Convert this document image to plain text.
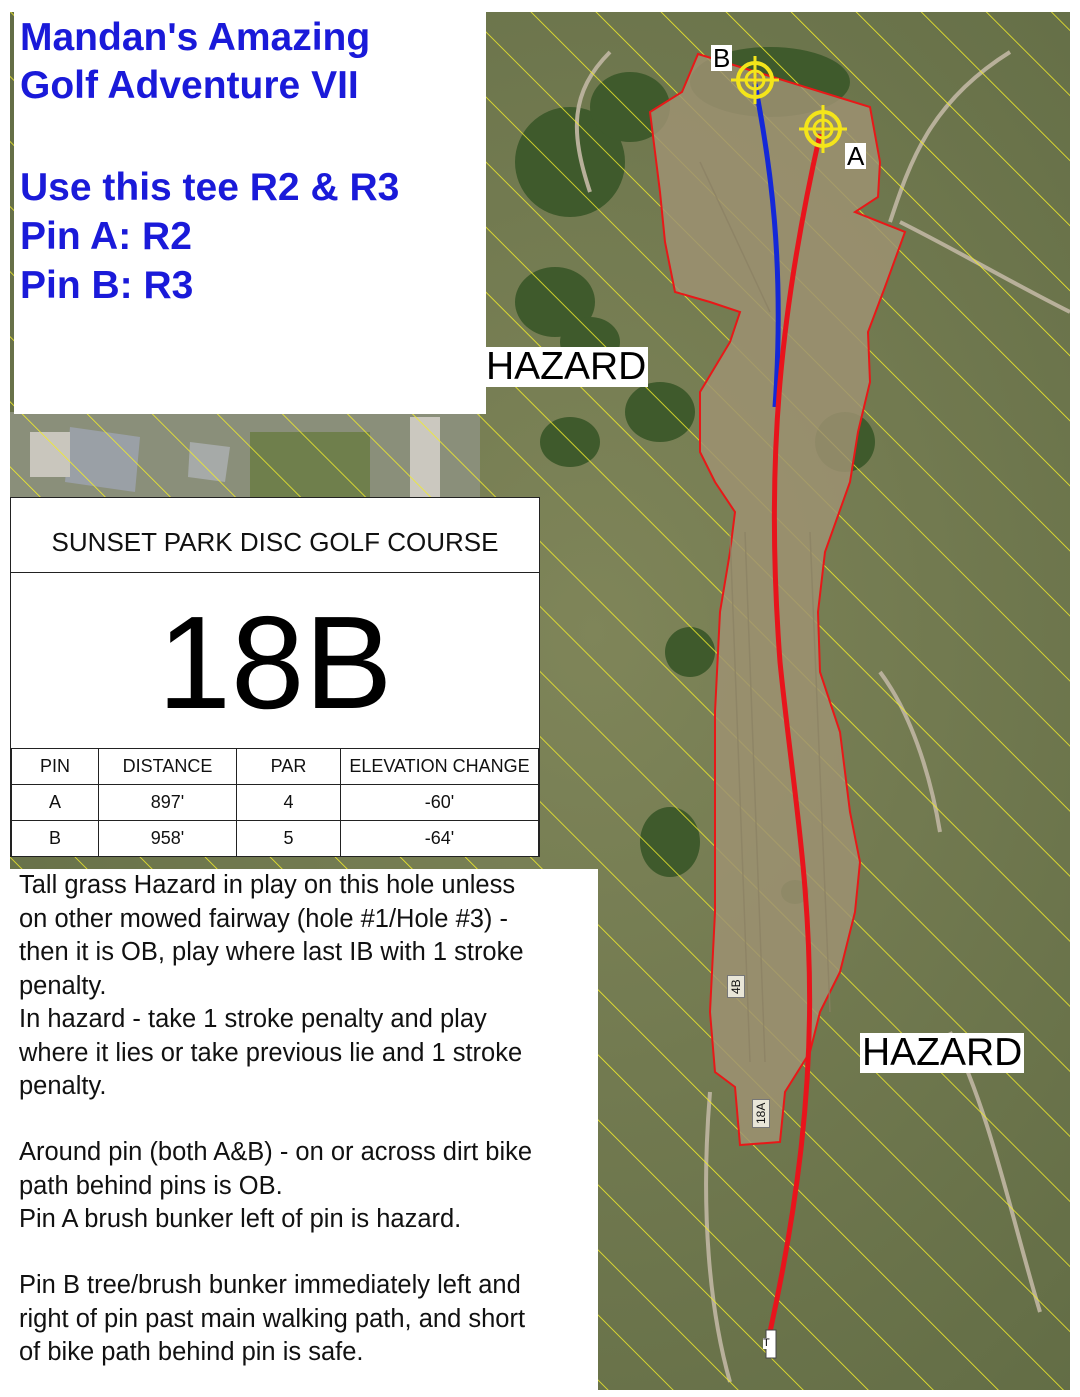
Mandan's Amazing
Golf Adventure VII
Use this tee R2 & R3
Pin A: R2
Pin B: R3
HAZARD
HAZARD
B
A
18A
4B
T
SUNSET PARK DISC GOLF COURSE
18B
PIN	DISTANCE	PAR	ELEVATION CHANGE
A	897'	4	-60'
B	958'	5	-64'

Tall grass Hazard in play on this hole unless

on other mowed fairway (hole #1/Hole #3) -

then it is OB, play where last IB with 1 stroke

penalty.

In hazard - take 1 stroke penalty and play

where it lies or take previous lie and 1 stroke

penalty.

Around pin (both A&B) - on or across dirt bike

path behind pins is OB.

Pin A brush bunker left of pin is hazard.

Pin B tree/brush bunker immediately left and

right of pin past main walking path, and short

of bike path behind pin is safe.
